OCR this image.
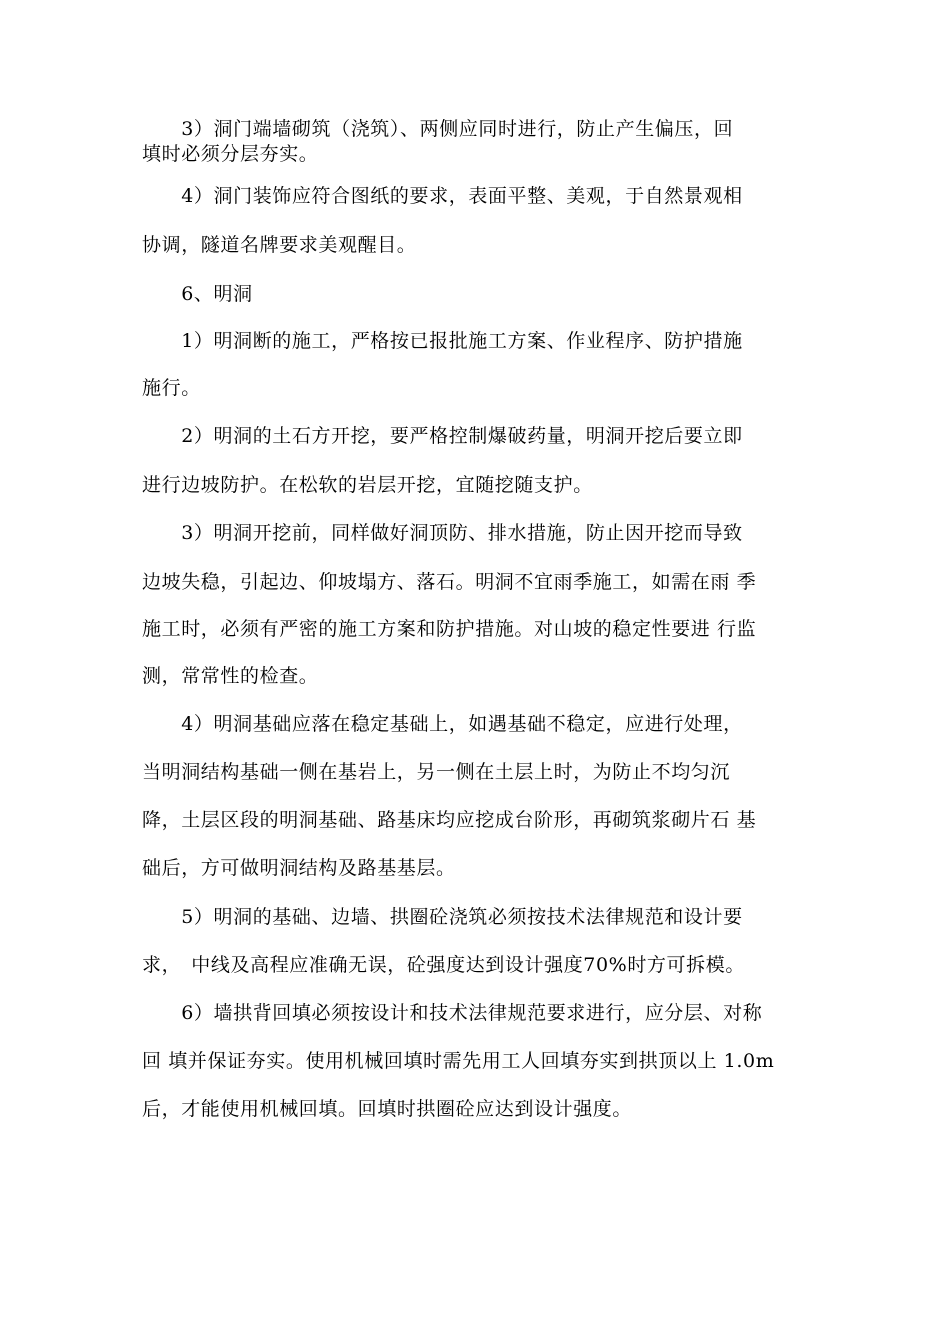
　　3）洞门端墙砌筑（浇筑）、两侧应同时进行，防止产生偏压，回
填时必须分层夯实。
　　4）洞门装饰应符合图纸的要求，表面平整、美观，于自然景观相
协调，隧道名牌要求美观醒目。
　　6、明洞
　　1）明洞断的施工，严格按已报批施工方案、作业程序、防护措施
施行。
　　2）明洞的土石方开挖，要严格控制爆破药量，明洞开挖后要立即
进行边坡防护。在松软的岩层开挖，宜随挖随支护。
　　3）明洞开挖前，同样做好洞顶防、排水措施，防止因开挖而导致
边坡失稳，引起边、仰坡塌方、落石。明洞不宜雨季施工，如需在雨 季
施工时，必须有严密的施工方案和防护措施。对山坡的稳定性要进 行监
测，常常性的检查。
　　4）明洞基础应落在稳定基础上，如遇基础不稳定，应进行处理，
当明洞结构基础一侧在基岩上，另一侧在土层上时，为防止不均匀沉
降，土层区段的明洞基础、路基床均应挖成台阶形，再砌筑浆砌片石 基
础后，方可做明洞结构及路基基层。
　　5）明洞的基础、边墙、拱圈砼浇筑必须按技术法律规范和设计要
求，　中线及高程应准确无误，砼强度达到设计强度70%时方可拆模。
　　6）墙拱背回填必须按设计和技术法律规范要求进行，应分层、对称
回 填并保证夯实。使用机械回填时需先用工人回填夯实到拱顶以上 1.0m
后，才能使用机械回填。回填时拱圈砼应达到设计强度。
